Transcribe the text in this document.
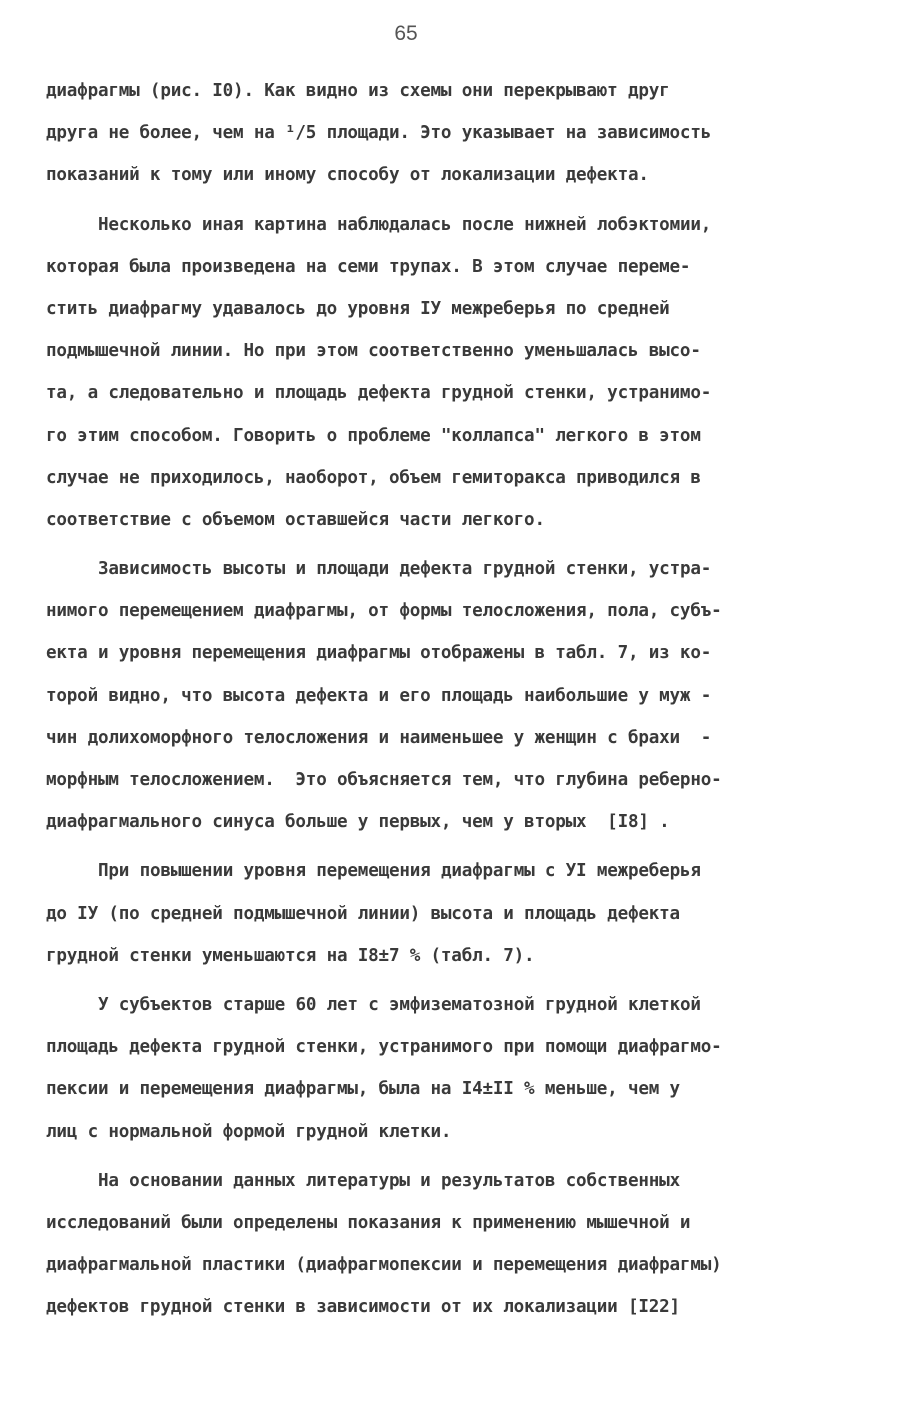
65
диафрагмы (рис. I0). Как видно из схемы они перекрывают друг
друга не более, чем на ¹/5 площади. Это указывает на зависимость
показаний к тому или иному способу от локализации дефекта.
Несколько иная картина наблюдалась после нижней лобэктомии,
которая была произведена на семи трупах. В этом случае переме-
стить диафрагму удавалось до уровня IУ межреберья по средней
подмышечной линии. Но при этом соответственно уменьшалась высо-
та, а следовательно и площадь дефекта грудной стенки, устранимо-
го этим способом. Говорить о проблеме "коллапса" легкого в этом
случае не приходилось, наоборот, объем гемиторакса приводился в
соответствие с объемом оставшейся части легкого.
Зависимость высоты и площади дефекта грудной стенки, устра-
нимого перемещением диафрагмы, от формы телосложения, пола, субъ-
екта и уровня перемещения диафрагмы отображены в табл. 7, из ко-
торой видно, что высота дефекта и его площадь наибольшие у муж -
чин долихоморфного телосложения и наименьшее у женщин с брахи  -
морфным телосложением.  Это объясняется тем, что глубина реберно-
диафрагмального синуса больше у первых, чем у вторых  [I8] .
При повышении уровня перемещения диафрагмы с УI межреберья
до IУ (по средней подмышечной линии) высота и площадь дефекта
грудной стенки уменьшаются на I8±7 % (табл. 7).
У субъектов старше 60 лет с эмфизематозной грудной клеткой
площадь дефекта грудной стенки, устранимого при помощи диафрагмо-
пексии и перемещения диафрагмы, была на I4±II % меньше, чем у
лиц с нормальной формой грудной клетки.
На основании данных литературы и результатов собственных
исследований были определены показания к применению мышечной и
диафрагмальной пластики (диафрагмопексии и перемещения диафрагмы)
дефектов грудной стенки в зависимости от их локализации [I22]
